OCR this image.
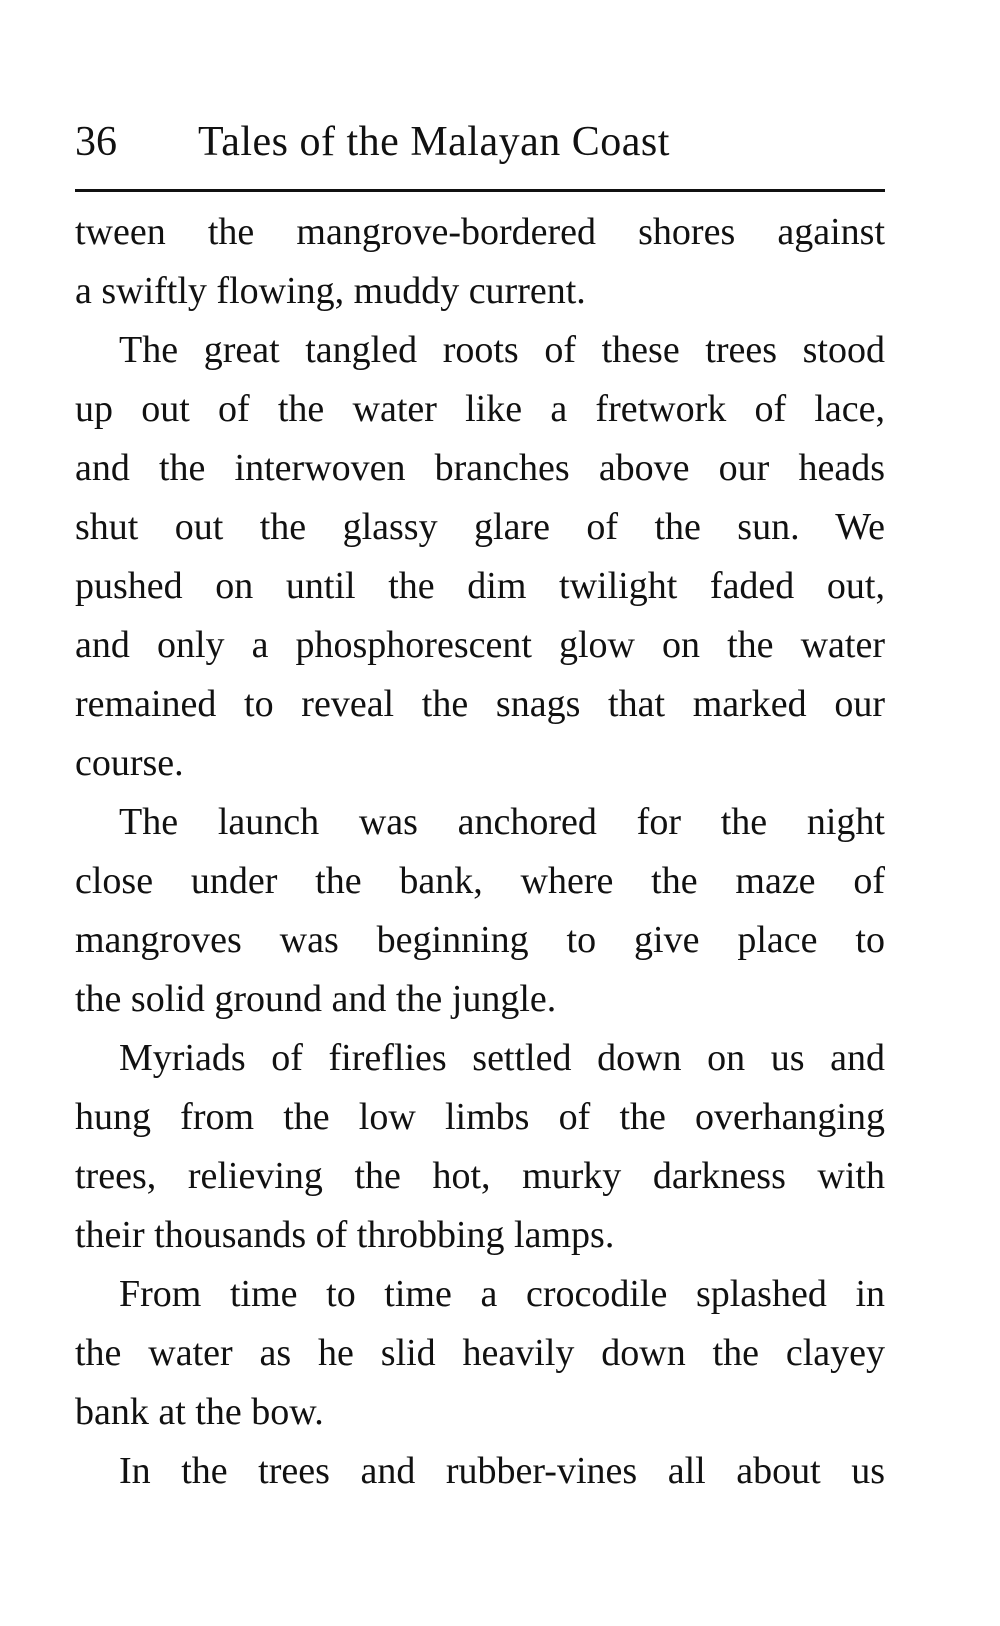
36 Tales of the Malayan Coast
tween the mangrove-bordered shores against
a swiftly flowing, muddy current.
The great tangled roots of these trees stood
up out of the water like a fretwork of lace,
and the interwoven branches above our heads
shut out the glassy glare of the sun. We
pushed on until the dim twilight faded out,
and only a phosphorescent glow on the water
remained to reveal the snags that marked our
course.
The launch was anchored for the night
close under the bank, where the maze of
mangroves was beginning to give place to
the solid ground and the jungle.
Myriads of fireflies settled down on us and
hung from the low limbs of the overhanging
trees, relieving the hot, murky darkness with
their thousands of throbbing lamps.
From time to time a crocodile splashed in
the water as he slid heavily down the clayey
bank at the bow.
In the trees and rubber-vines all about us
